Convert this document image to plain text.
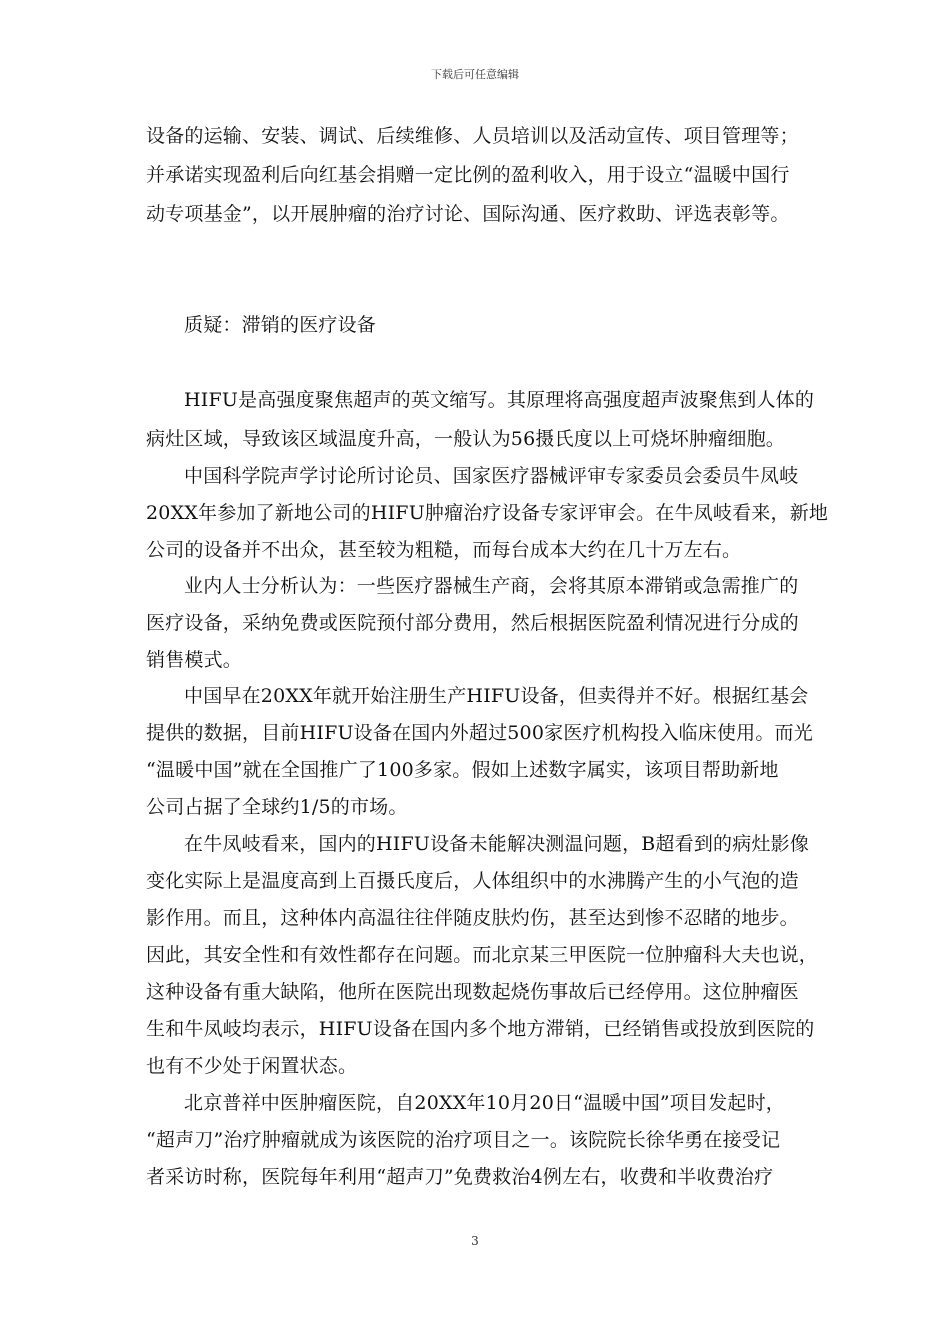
下载后可任意编辑
设备的运输、安装、调试、后续维修、人员培训以及活动宣传、项目管理等；
并承诺实现盈利后向红基会捐赠一定比例的盈利收入，用于设立“温暖中国行
动专项基金”，以开展肿瘤的治疗讨论、国际沟通、医疗救助、评选表彰等。
质疑：滞销的医疗设备
HIFU是高强度聚焦超声的英文缩写。其原理将高强度超声波聚焦到人体的
病灶区域，导致该区域温度升高，一般认为56摄氏度以上可烧坏肿瘤细胞。
中国科学院声学讨论所讨论员、国家医疗器械评审专家委员会委员牛凤岐
20XX年参加了新地公司的HIFU肿瘤治疗设备专家评审会。在牛凤岐看来，新地
公司的设备并不出众，甚至较为粗糙，而每台成本大约在几十万左右。
业内人士分析认为：一些医疗器械生产商，会将其原本滞销或急需推广的
医疗设备，采纳免费或医院预付部分费用，然后根据医院盈利情况进行分成的
销售模式。
中国早在20XX年就开始注册生产HIFU设备，但卖得并不好。根据红基会
提供的数据，目前HIFU设备在国内外超过500家医疗机构投入临床使用。而光
“温暖中国”就在全国推广了100多家。假如上述数字属实，该项目帮助新地
公司占据了全球约1/5的市场。
在牛凤岐看来，国内的HIFU设备未能解决测温问题，B超看到的病灶影像
变化实际上是温度高到上百摄氏度后，人体组织中的水沸腾产生的小气泡的造
影作用。而且，这种体内高温往往伴随皮肤灼伤，甚至达到惨不忍睹的地步。
因此，其安全性和有效性都存在问题。而北京某三甲医院一位肿瘤科大夫也说，
这种设备有重大缺陷，他所在医院出现数起烧伤事故后已经停用。这位肿瘤医
生和牛凤岐均表示，HIFU设备在国内多个地方滞销，已经销售或投放到医院的
也有不少处于闲置状态。
北京普祥中医肿瘤医院，自20XX年10月20日“温暖中国”项目发起时，
“超声刀”治疗肿瘤就成为该医院的治疗项目之一。该院院长徐华勇在接受记
者采访时称，医院每年利用“超声刀”免费救治4例左右，收费和半收费治疗
3
